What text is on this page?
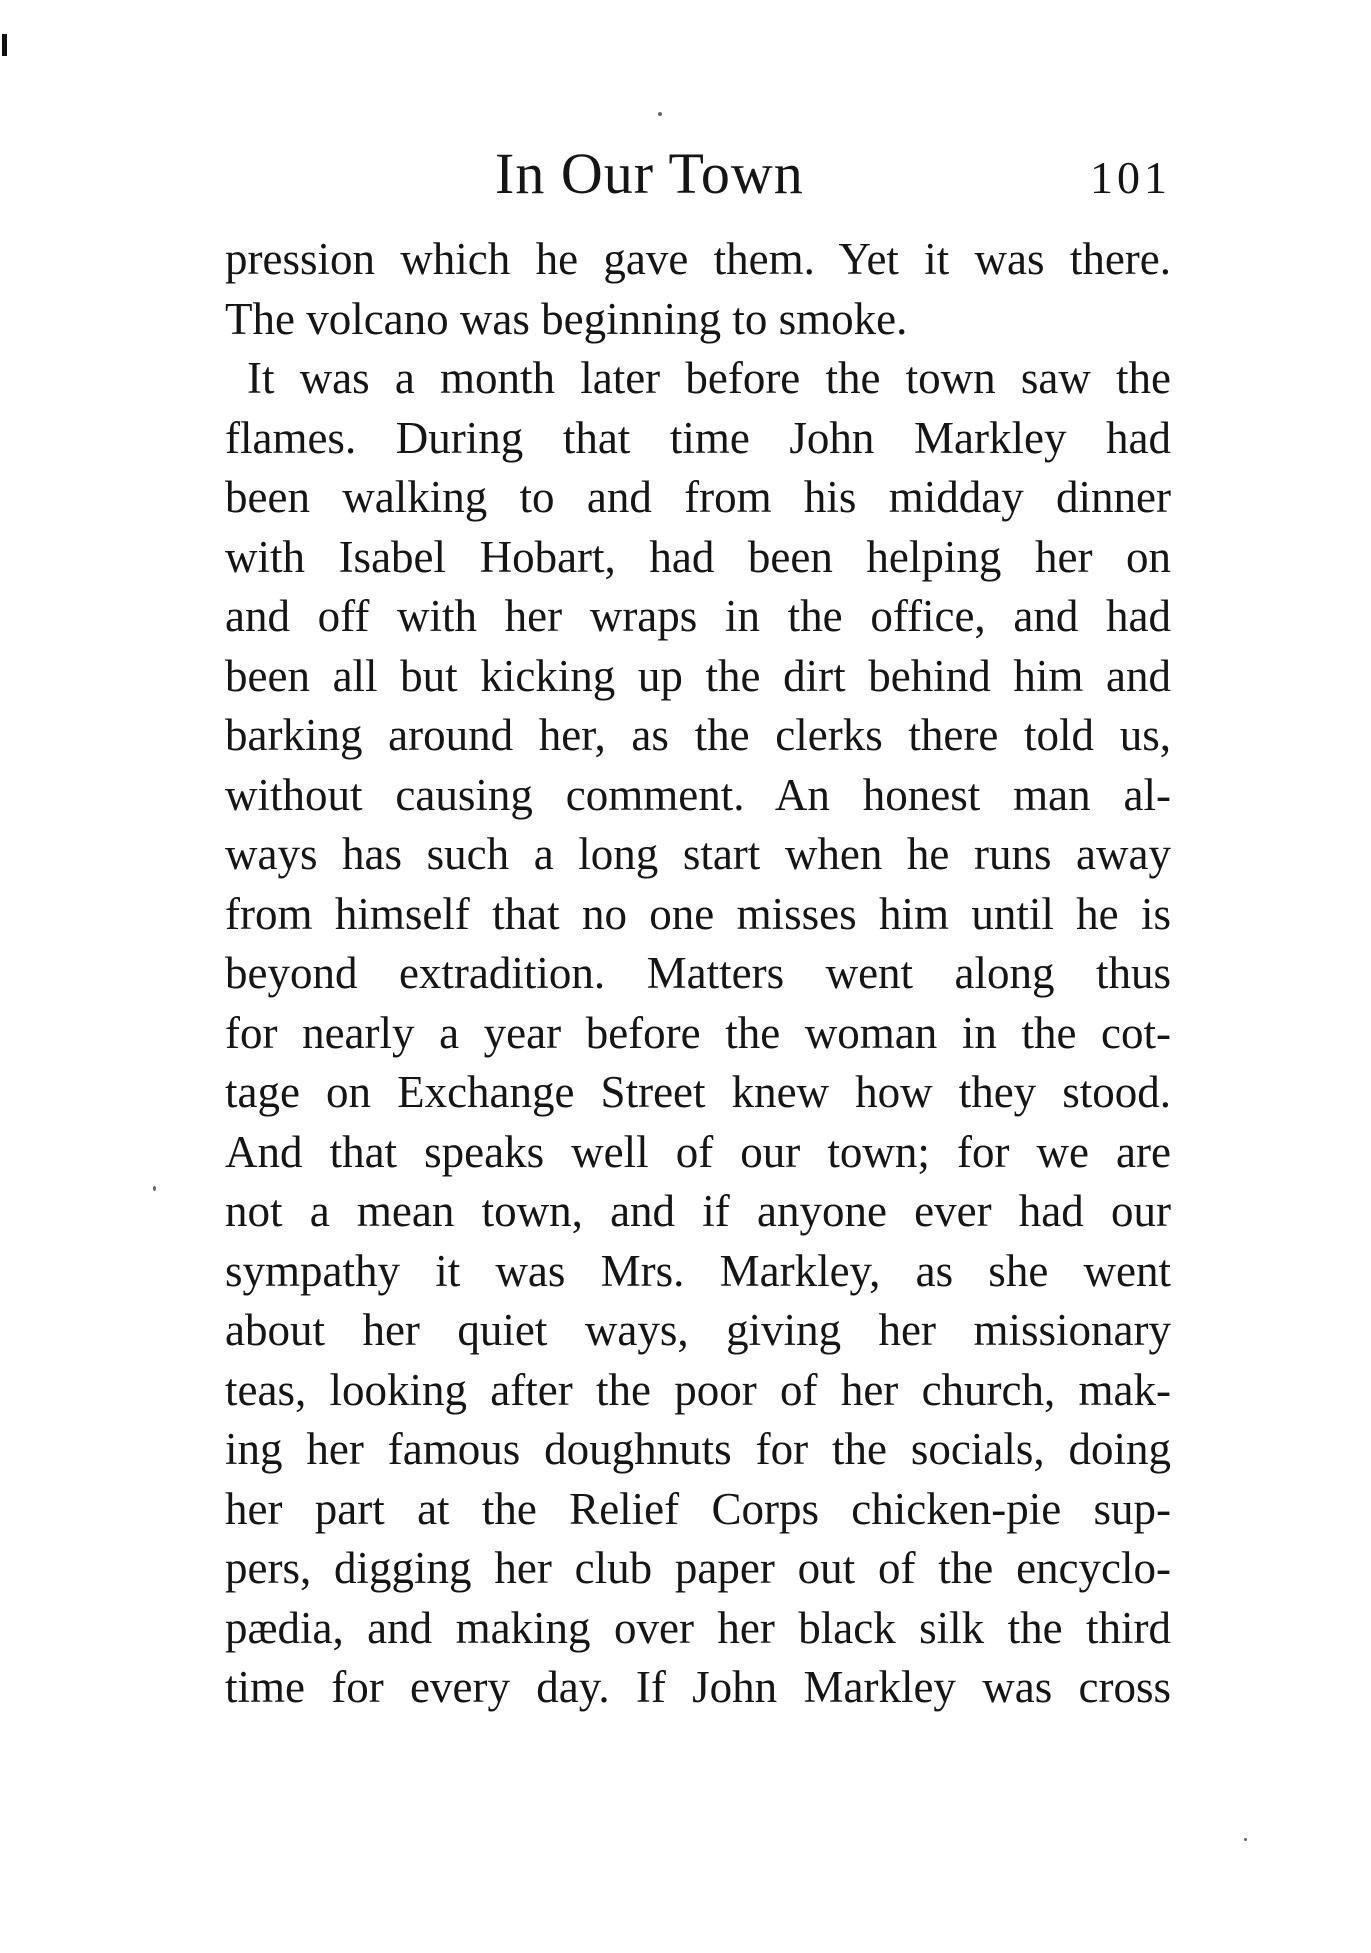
In Our Town	101
pression which he gave them. Yet it was there.
The volcano was beginning to smoke.
It was a month later before the town saw the
flames. During that time John Markley had
been walking to and from his midday dinner
with Isabel Hobart, had been helping her on
and off with her wraps in the office, and had
been all but kicking up the dirt behind him and
barking around her, as the clerks there told us,
without causing comment. An honest man al-
ways has such a long start when he runs away
from himself that no one misses him until he is
beyond extradition. Matters went along thus
for nearly a year before the woman in the cot-
tage on Exchange Street knew how they stood.
And that speaks well of our town; for we are
not a mean town, and if anyone ever had our
sympathy it was Mrs. Markley, as she went
about her quiet ways, giving her missionary
teas, looking after the poor of her church, mak-
ing her famous doughnuts for the socials, doing
her part at the Relief Corps chicken-pie sup-
pers, digging her club paper out of the encyclo-
pædia, and making over her black silk the third
time for every day. If John Markley was cross
